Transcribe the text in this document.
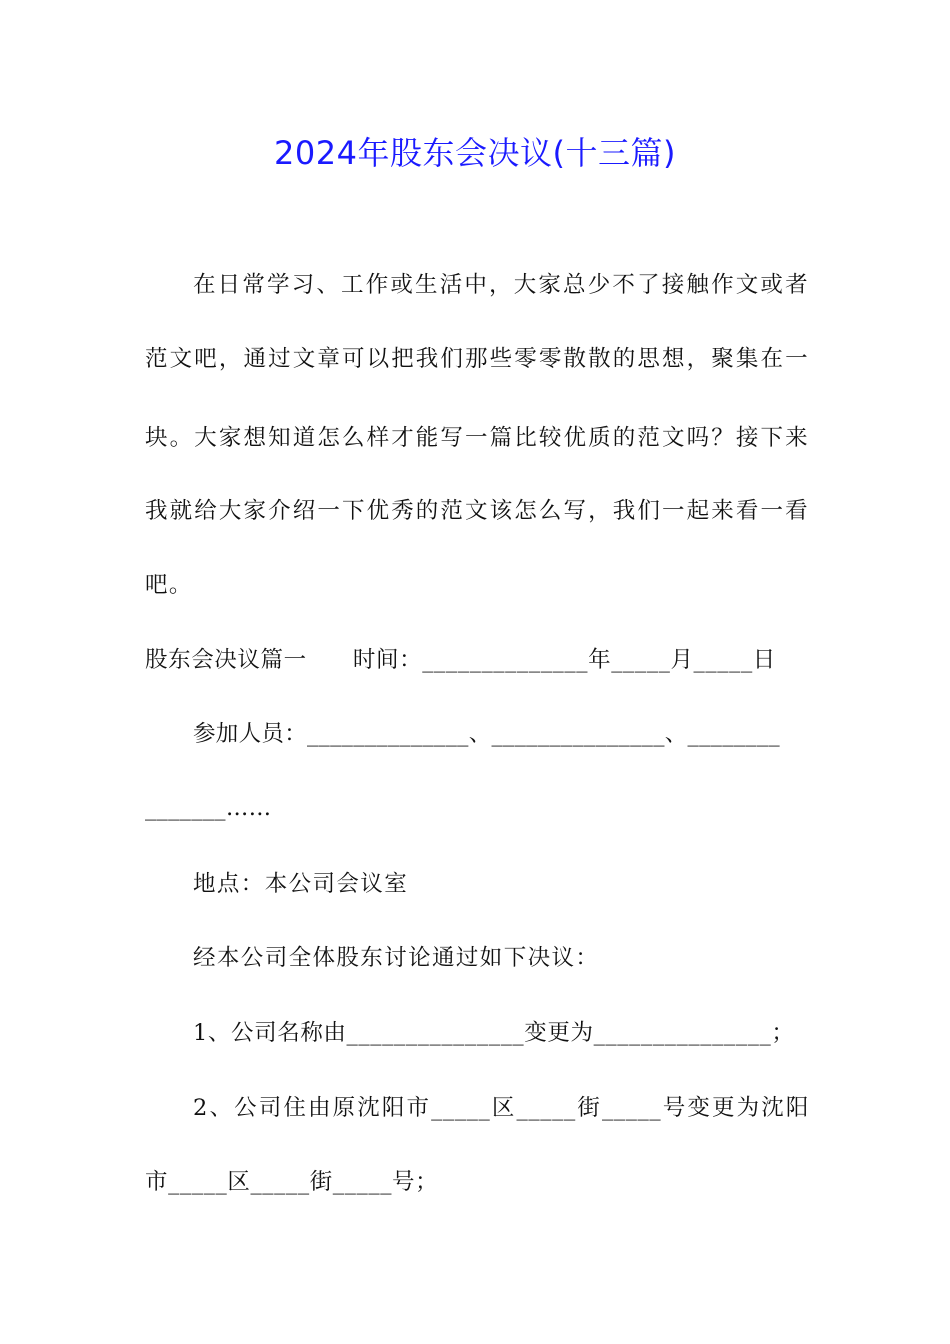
2024年股东会决议(十三篇)
在日常学习、工作或生活中，大家总少不了接触作文或者
范文吧，通过文章可以把我们那些零零散散的思想，聚集在一
块。大家想知道怎么样才能写一篇比较优质的范文吗？接下来
我就给大家介绍一下优秀的范文该怎么写，我们一起来看一看
吧。
股东会决议篇一　　时间：______________年_____月_____日
参加人员：______________、_______________、________
_______……
地点：本公司会议室
经本公司全体股东讨论通过如下决议：
1、公司名称由_______________变更为_______________；
2、公司住由原沈阳市_____区_____街_____号变更为沈阳
市_____区_____街_____号；
